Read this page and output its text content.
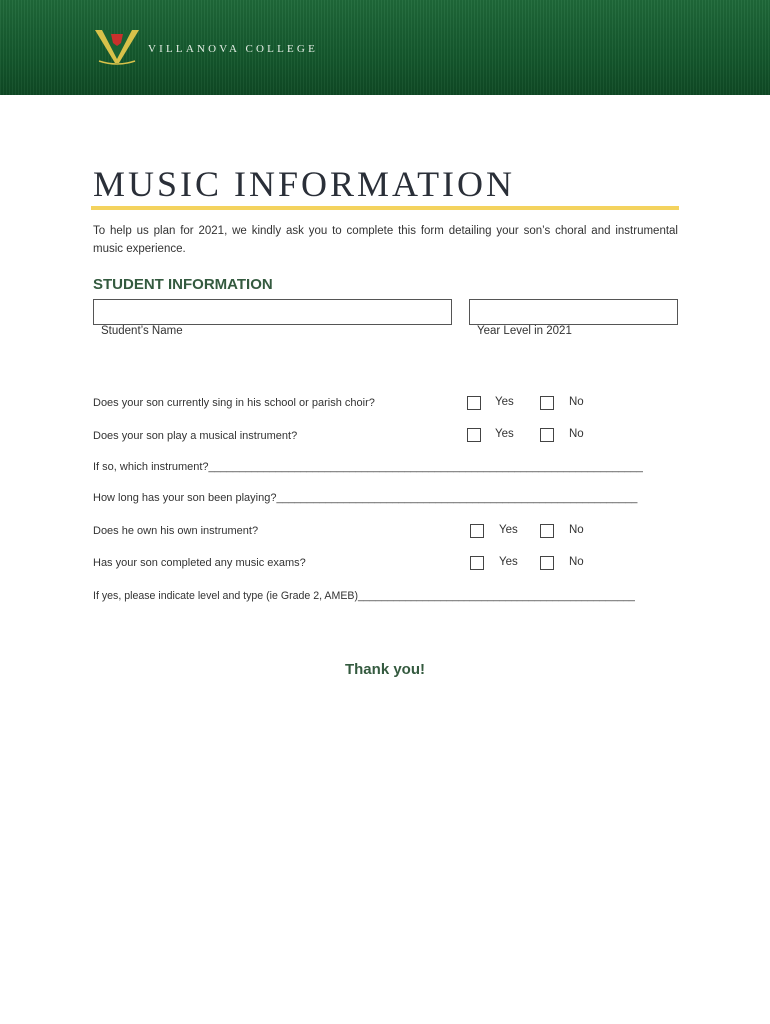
VILLANOVA COLLEGE
MUSIC INFORMATION

To help us plan for 2021, we kindly ask you to complete this form detailing your son’s choral and instrumental music experience.

STUDENT INFORMATION
Student’s Name	Year Level in 2021
Does your son currently sing in his school or parish choir?	Yes	No
Does your son play a musical instrument?	Yes	No
If so, which instrument?_______________________________________________________________________
How long has your son been playing?___________________________________________________________
Does he own his own instrument?	Yes	No
Has your son completed any music exams?	Yes	No
If yes, please indicate level and type (ie Grade 2, AMEB)_______________________________________________
Thank you!
